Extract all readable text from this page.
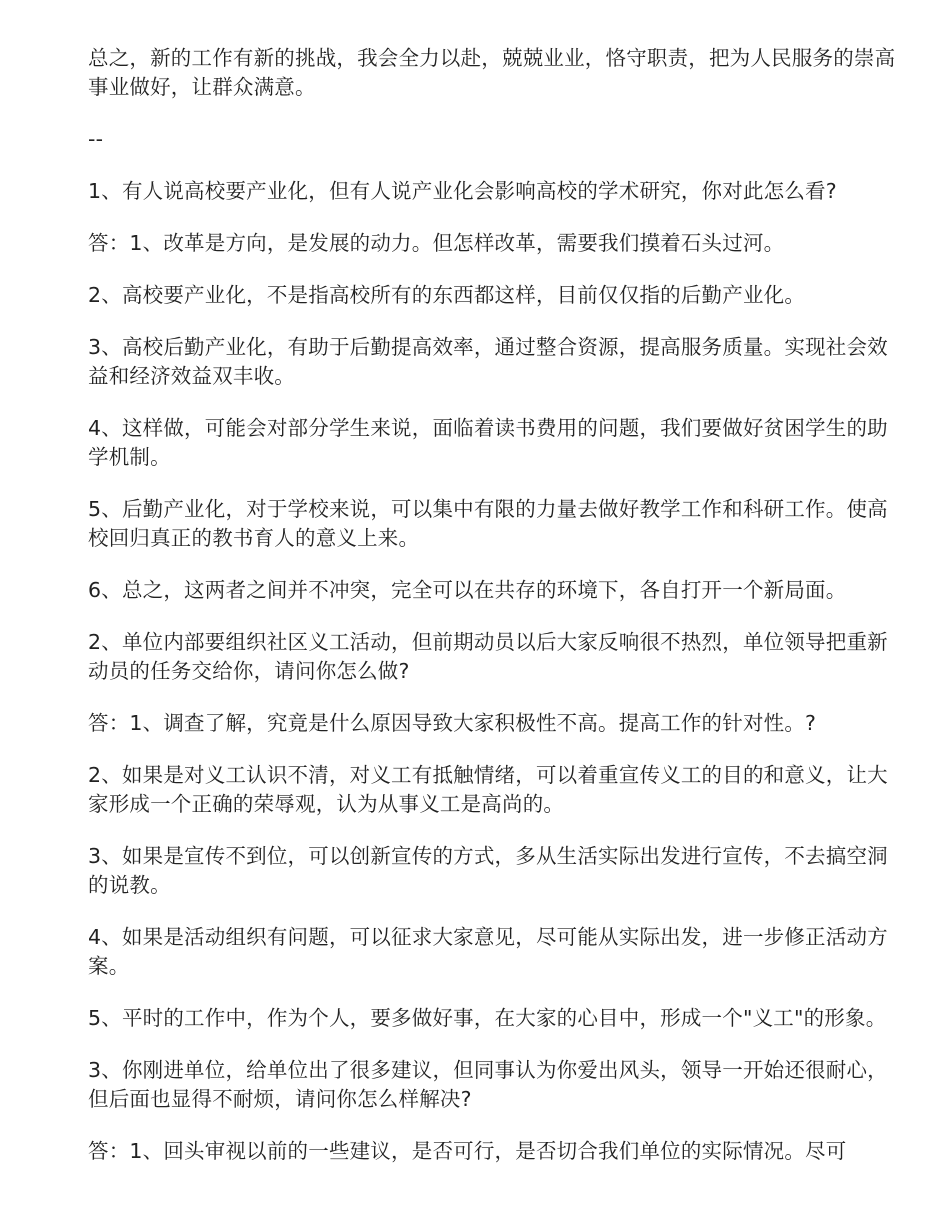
总之，新的工作有新的挑战，我会全力以赴，兢兢业业，恪守职责，把为人民服务的崇高事业做好，让群众满意。

--

1、有人说高校要产业化，但有人说产业化会影响高校的学术研究，你对此怎么看?

答：1、改革是方向，是发展的动力。但怎样改革，需要我们摸着石头过河。

2、高校要产业化，不是指高校所有的东西都这样，目前仅仅指的后勤产业化。

3、高校后勤产业化，有助于后勤提高效率，通过整合资源，提高服务质量。实现社会效益和经济效益双丰收。

4、这样做，可能会对部分学生来说，面临着读书费用的问题，我们要做好贫困学生的助学机制。

5、后勤产业化，对于学校来说，可以集中有限的力量去做好教学工作和科研工作。使高校回归真正的教书育人的意义上来。

6、总之，这两者之间并不冲突，完全可以在共存的环境下，各自打开一个新局面。

2、单位内部要组织社区义工活动，但前期动员以后大家反响很不热烈，单位领导把重新动员的任务交给你，请问你怎么做?

答：1、调查了解，究竟是什么原因导致大家积极性不高。提高工作的针对性。?

2、如果是对义工认识不清，对义工有抵触情绪，可以着重宣传义工的目的和意义，让大家形成一个正确的荣辱观，认为从事义工是高尚的。

3、如果是宣传不到位，可以创新宣传的方式，多从生活实际出发进行宣传，不去搞空洞的说教。

4、如果是活动组织有问题，可以征求大家意见，尽可能从实际出发，进一步修正活动方案。

5、平时的工作中，作为个人，要多做好事，在大家的心目中，形成一个"义工"的形象。

3、你刚进单位，给单位出了很多建议，但同事认为你爱出风头，领导一开始还很耐心，但后面也显得不耐烦，请问你怎么样解决?

答：1、回头审视以前的一些建议，是否可行，是否切合我们单位的实际情况。尽可
